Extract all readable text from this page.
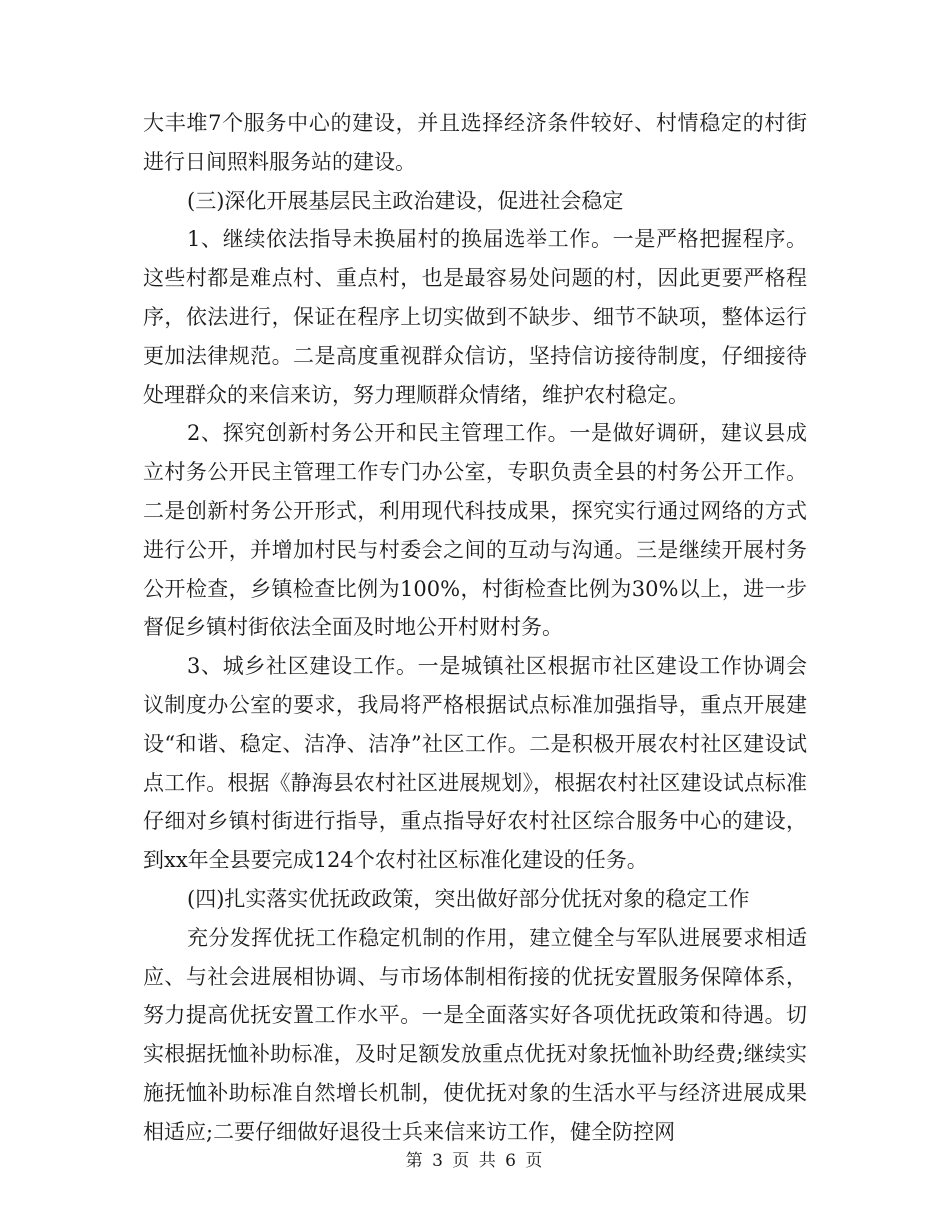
大丰堆7个服务中心的建设，并且选择经济条件较好、村情稳定的村街进行日间照料服务站的建设。

(三)深化开展基层民主政治建设，促进社会稳定

1、继续依法指导未换届村的换届选举工作。一是严格把握程序。这些村都是难点村、重点村，也是最容易处问题的村，因此更要严格程序，依法进行，保证在程序上切实做到不缺步、细节不缺项，整体运行更加法律规范。二是高度重视群众信访，坚持信访接待制度，仔细接待处理群众的来信来访，努力理顺群众情绪，维护农村稳定。

2、探究创新村务公开和民主管理工作。一是做好调研，建议县成立村务公开民主管理工作专门办公室，专职负责全县的村务公开工作。二是创新村务公开形式，利用现代科技成果，探究实行通过网络的方式进行公开，并增加村民与村委会之间的互动与沟通。三是继续开展村务公开检查，乡镇检查比例为100%，村街检查比例为30%以上，进一步督促乡镇村街依法全面及时地公开村财村务。

3、城乡社区建设工作。一是城镇社区根据市社区建设工作协调会议制度办公室的要求，我局将严格根据试点标准加强指导，重点开展建设“和谐、稳定、洁净、洁净”社区工作。二是积极开展农村社区建设试点工作。根据《静海县农村社区进展规划》，根据农村社区建设试点标准仔细对乡镇村街进行指导，重点指导好农村社区综合服务中心的建设，到xx年全县要完成124个农村社区标准化建设的任务。

(四)扎实落实优抚政政策，突出做好部分优抚对象的稳定工作

充分发挥优抚工作稳定机制的作用，建立健全与军队进展要求相适应、与社会进展相协调、与市场体制相衔接的优抚安置服务保障体系，努力提高优抚安置工作水平。一是全面落实好各项优抚政策和待遇。切实根据抚恤补助标准，及时足额发放重点优抚对象抚恤补助经费;继续实施抚恤补助标准自然增长机制，使优抚对象的生活水平与经济进展成果相适应;二要仔细做好退役士兵来信来访工作，健全防控网

第 3 页 共 6 页
